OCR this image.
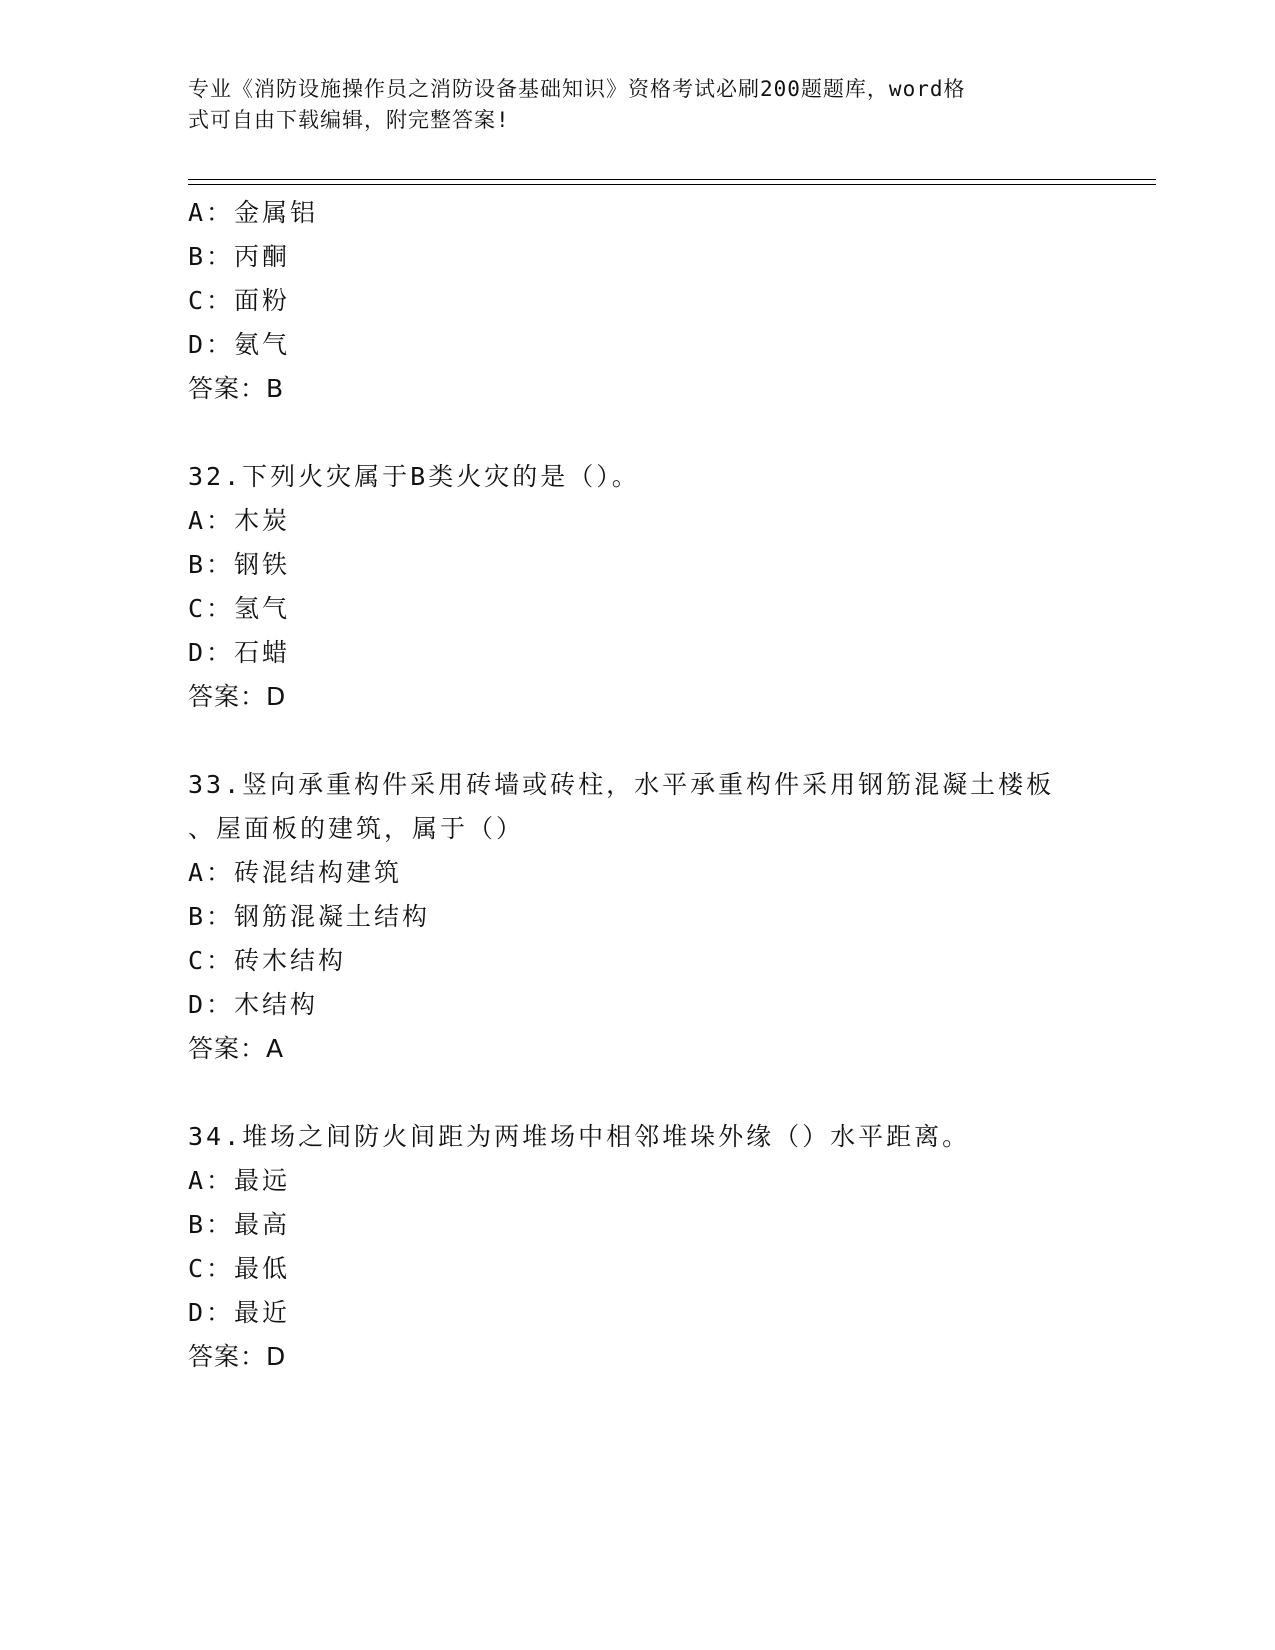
专业《消防设施操作员之消防设备基础知识》资格考试必刷200题题库，word格
式可自由下载编辑，附完整答案!
A：金属铝
B：丙酮
C：面粉
D：氨气
答案：B
32.下列火灾属于B类火灾的是（）。
A：木炭
B：钢铁
C：氢气
D：石蜡
答案：D
33.竖向承重构件采用砖墙或砖柱，水平承重构件采用钢筋混凝土楼板
、屋面板的建筑，属于（）
A：砖混结构建筑
B：钢筋混凝土结构
C：砖木结构
D：木结构
答案：A
34.堆场之间防火间距为两堆场中相邻堆垛外缘（）水平距离。
A：最远
B：最高
C：最低
D：最近
答案：D
